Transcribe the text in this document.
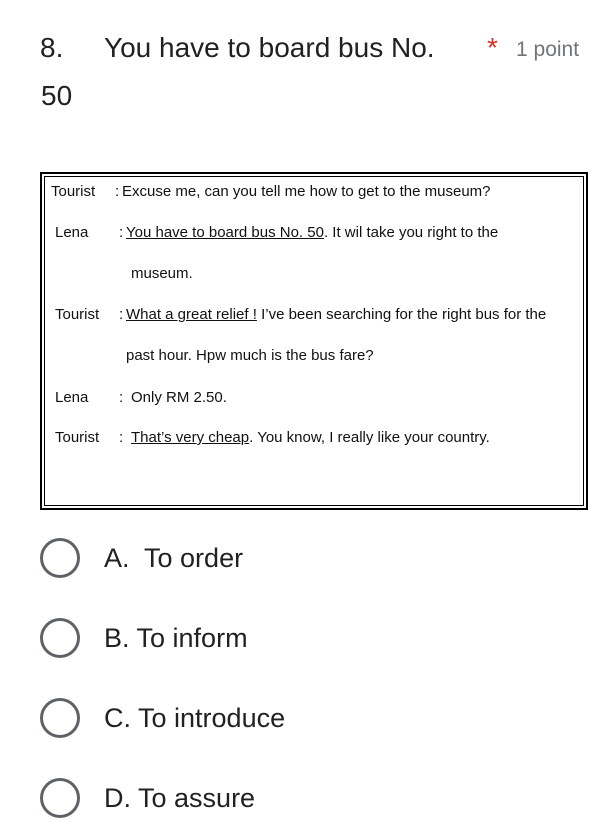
8. You have to board bus No. * 1 point
50
Tourist : Excuse me, can you tell me how to get to the museum?
Lena : You have to board bus No. 50. It wil take you right to the
museum.
Tourist : What a great relief ! I’ve been searching for the right bus for the
past hour. Hpw much is the bus fare?
Lena : Only RM 2.50.
Tourist : That’s very cheap. You know, I really like your country.
A.  To order
B. To inform
C. To introduce
D. To assure
